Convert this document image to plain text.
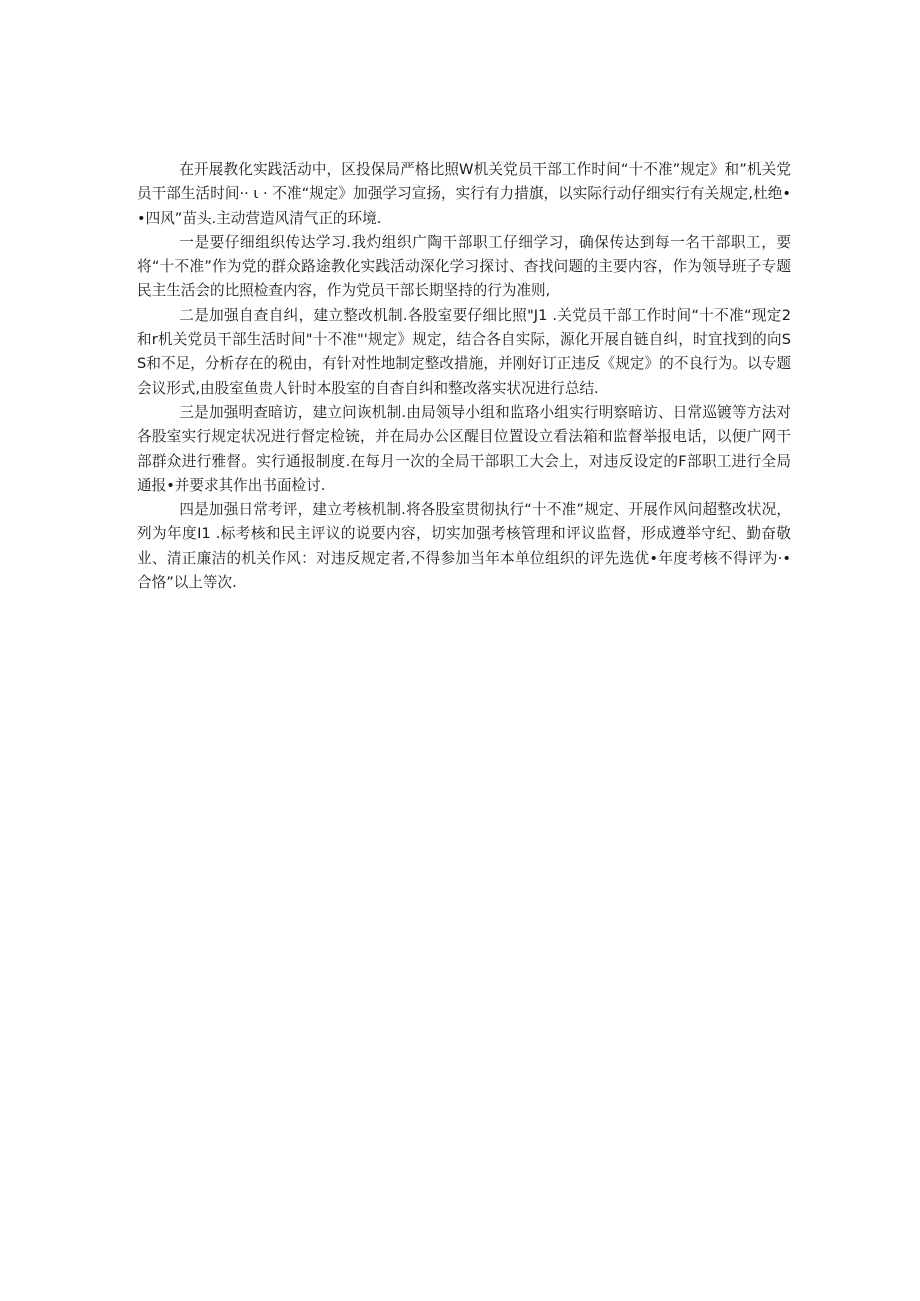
在开展教化实践活动中，区投保局严格比照W机关党员干部工作时间“十不准”规定》和”机关党员干部生活时间·· ι · 不准“规定》加强学习宣扬，实行有力措旗，以实际行动仔细实行有关规定,杜绝••四风”苗头.主动营造风清气正的环境.

一是要仔细组织传达学习.我灼组织广陶干部职工仔细学习，确保传达到每一名干部职工，要将“十不准”作为党的群众路途教化实践活动深化学习探讨、杳找问题的主要内容，作为领导班子专题民主生活会的比照检查内容，作为党员干部长期坚持的行为准则,

二是加强自查自纠，建立整改机制.各股室要仔细比照"J1 .关党员干部工作时间“十不准“现定2和r机关党员干部生活时间"十不准"'规定》规定，结合各自实际，源化开展自链自纠，时宜找到的向SS和不足，分析存在的税由，有针对性地制定整改措施，并刚好订正违反《规定》的不良行为。以专题会议形式,由股室鱼贵人针时本股室的自杳自纠和整改落实状况进行总结.

三是加强明查暗访，建立问诙机制.由局领导小组和监珞小组实行明察暗访、日常巡镀等方法对各股室实行规定状况进行督定检铳，并在局办公区醒目位置设立看法箱和监督举报电话，以便广网干部群众进行雅督。实行通报制度.在每月一次的全局干部职工大会上，对违反设定的F部职工进行全局通报•并要求其作出书面检讨.

四是加强日常考评，建立考核机制.将各股室贯彻执行“十不准”规定、开展作风问超整改状况，列为年度I1 .标考核和民主评议的说要内容，切实加强考核管理和评议监督，形成遵举守纪、勤奋敬业、清正廉洁的机关作风：对违反规定者,不得参加当年本单位组织的评先选优•年度考核不得评为·•合恪”以上等次.
